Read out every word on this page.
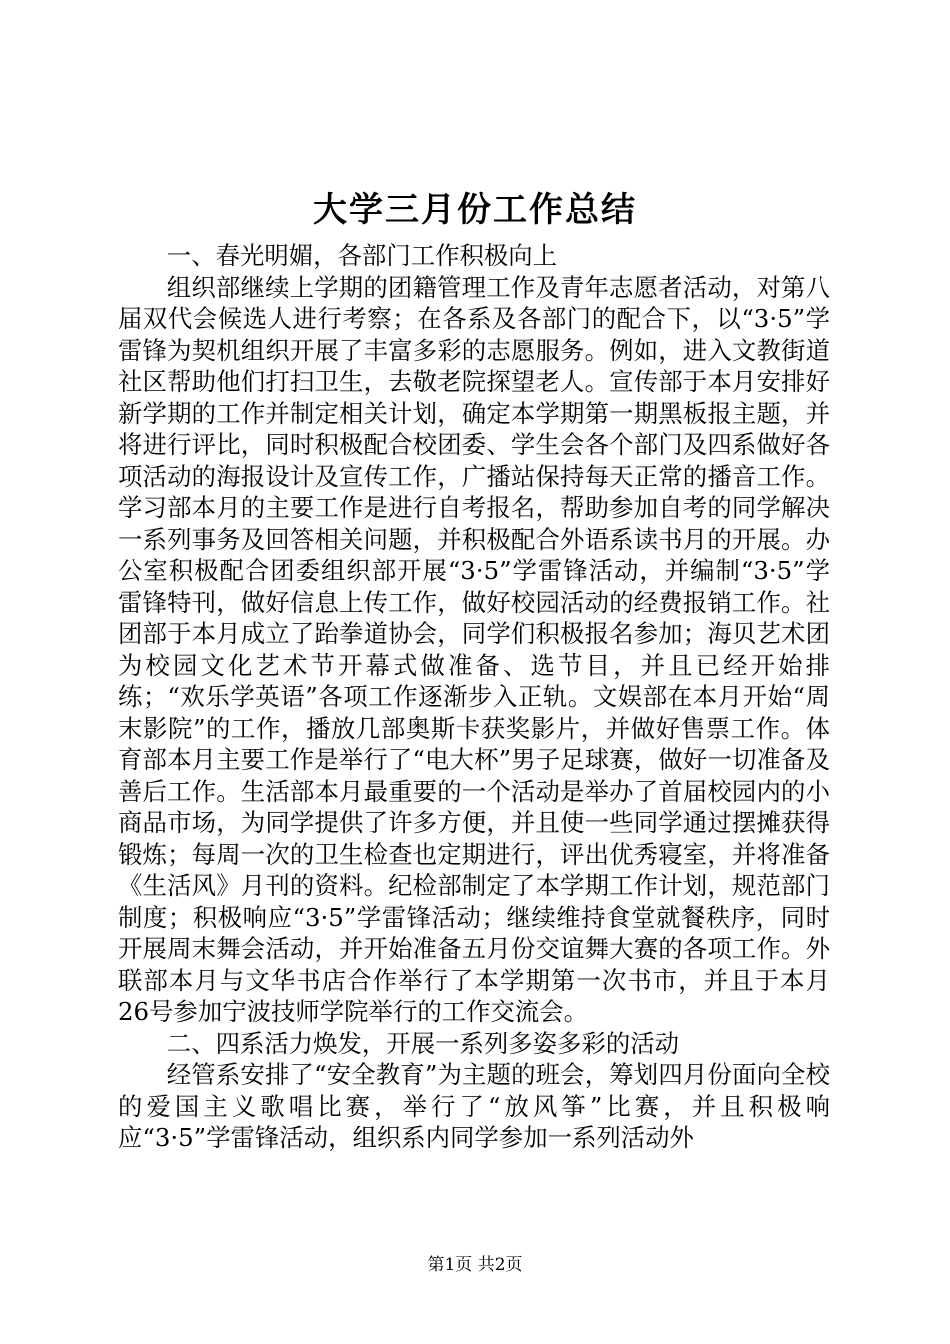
大学三月份工作总结

一、春光明媚，各部门工作积极向上

组织部继续上学期的团籍管理工作及青年志愿者活动，对第八届双代会候选人进行考察；在各系及各部门的配合下，以“3·5”学雷锋为契机组织开展了丰富多彩的志愿服务。例如，进入文教街道社区帮助他们打扫卫生，去敬老院探望老人。宣传部于本月安排好新学期的工作并制定相关计划，确定本学期第一期黑板报主题，并将进行评比，同时积极配合校团委、学生会各个部门及四系做好各项活动的海报设计及宣传工作，广播站保持每天正常的播音工作。学习部本月的主要工作是进行自考报名，帮助参加自考的同学解决一系列事务及回答相关问题，并积极配合外语系读书月的开展。办公室积极配合团委组织部开展“3·5”学雷锋活动，并编制“3·5”学雷锋特刊，做好信息上传工作，做好校园活动的经费报销工作。社团部于本月成立了跆拳道协会，同学们积极报名参加；海贝艺术团为校园文化艺术节开幕式做准备、选节目，并且已经开始排练；“欢乐学英语”各项工作逐渐步入正轨。文娱部在本月开始“周末影院”的工作，播放几部奥斯卡获奖影片，并做好售票工作。体育部本月主要工作是举行了“电大杯”男子足球赛，做好一切准备及善后工作。生活部本月最重要的一个活动是举办了首届校园内的小商品市场，为同学提供了许多方便，并且使一些同学通过摆摊获得锻炼；每周一次的卫生检查也定期进行，评出优秀寝室，并将准备《生活风》月刊的资料。纪检部制定了本学期工作计划，规范部门制度；积极响应“3·5”学雷锋活动；继续维持食堂就餐秩序，同时开展周末舞会活动，并开始准备五月份交谊舞大赛的各项工作。外联部本月与文华书店合作举行了本学期第一次书市，并且于本月26号参加宁波技师学院举行的工作交流会。

二、四系活力焕发，开展一系列多姿多彩的活动

经管系安排了“安全教育”为主题的班会，筹划四月份面向全校的爱国主义歌唱比赛，举行了“放风筝”比赛，并且积极响应“3·5”学雷锋活动，组织系内同学参加一系列活动外

第1页 共2页
